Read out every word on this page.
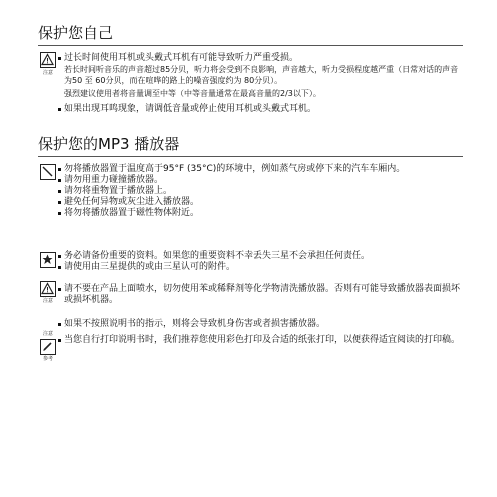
保护您自己
注意
过长时间使用耳机或头戴式耳机有可能导致听力严重受损。
若长时间听音乐的声音超过85分贝，听力将会受到不良影响，声音越大，听力受损程度越严重（日常对话的声音为50 至 60分贝，而在喧哗的路上的噪音强度约为 80分贝）。
强烈建议使用者将音量调至中等（中等音量通常在最高音量的2/3以下）。
如果出现耳鸣现象，请调低音量或停止使用耳机或头戴式耳机。
保护您的MP3 播放器
勿将播放器置于温度高于95°F (35°C)的环境中，例如蒸气房或停下来的汽车车厢内。
请勿用重力碰撞播放器。
请勿将重物置于播放器上。
避免任何异物或灰尘进入播放器。
将勿将播放器置于磁性物体附近。
务必请备份重要的资料。如果您的重要资料不幸丢失三星不会承担任何责任。
请使用由三星提供的或由三星认可的附件。
注意
请不要在产品上面喷水，切勿使用苯或稀释剂等化学物清洗播放器。否则有可能导致播放器表面损坏或损坏机器。
注意
如果不按照说明书的指示，则将会导致机身伤害或者损害播放器。
参考
当您自行打印说明书时，我们推荐您使用彩色打印及合适的纸张打印，以便获得适宜阅读的打印稿。
